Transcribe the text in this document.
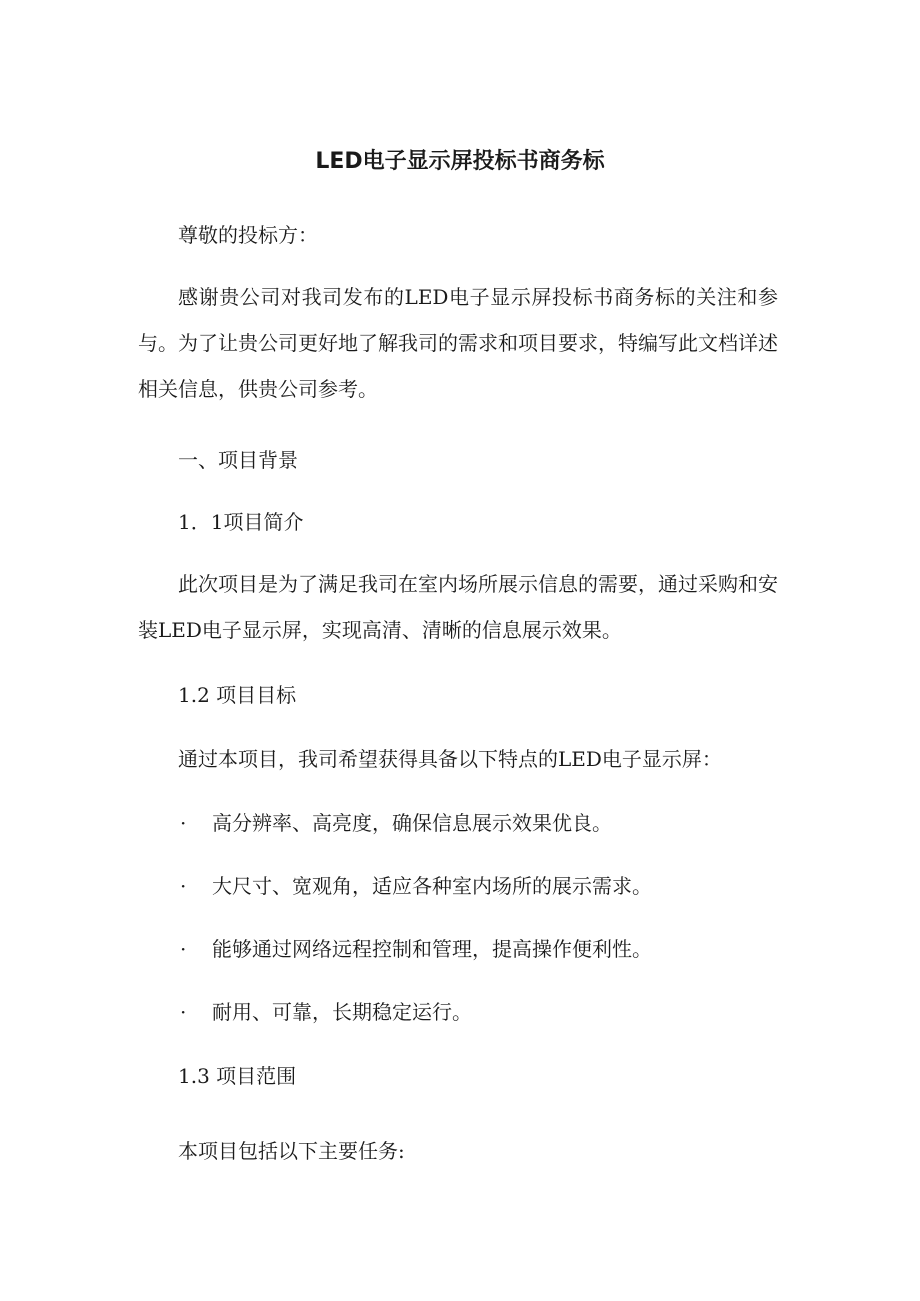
LED电子显示屏投标书商务标

尊敬的投标方：

感谢贵公司对我司发布的LED电子显示屏投标书商务标的关注和参与。为了让贵公司更好地了解我司的需求和项目要求，特编写此文档详述相关信息，供贵公司参考。

一、项目背景

1．1项目简介

此次项目是为了满足我司在室内场所展示信息的需要，通过采购和安装LED电子显示屏，实现高清、清晰的信息展示效果。

1.2 项目目标

通过本项目，我司希望获得具备以下特点的LED电子显示屏：

· 高分辨率、高亮度，确保信息展示效果优良。

· 大尺寸、宽观角，适应各种室内场所的展示需求。

· 能够通过网络远程控制和管理，提高操作便利性。

· 耐用、可靠，长期稳定运行。

1.3 项目范围

本项目包括以下主要任务:
